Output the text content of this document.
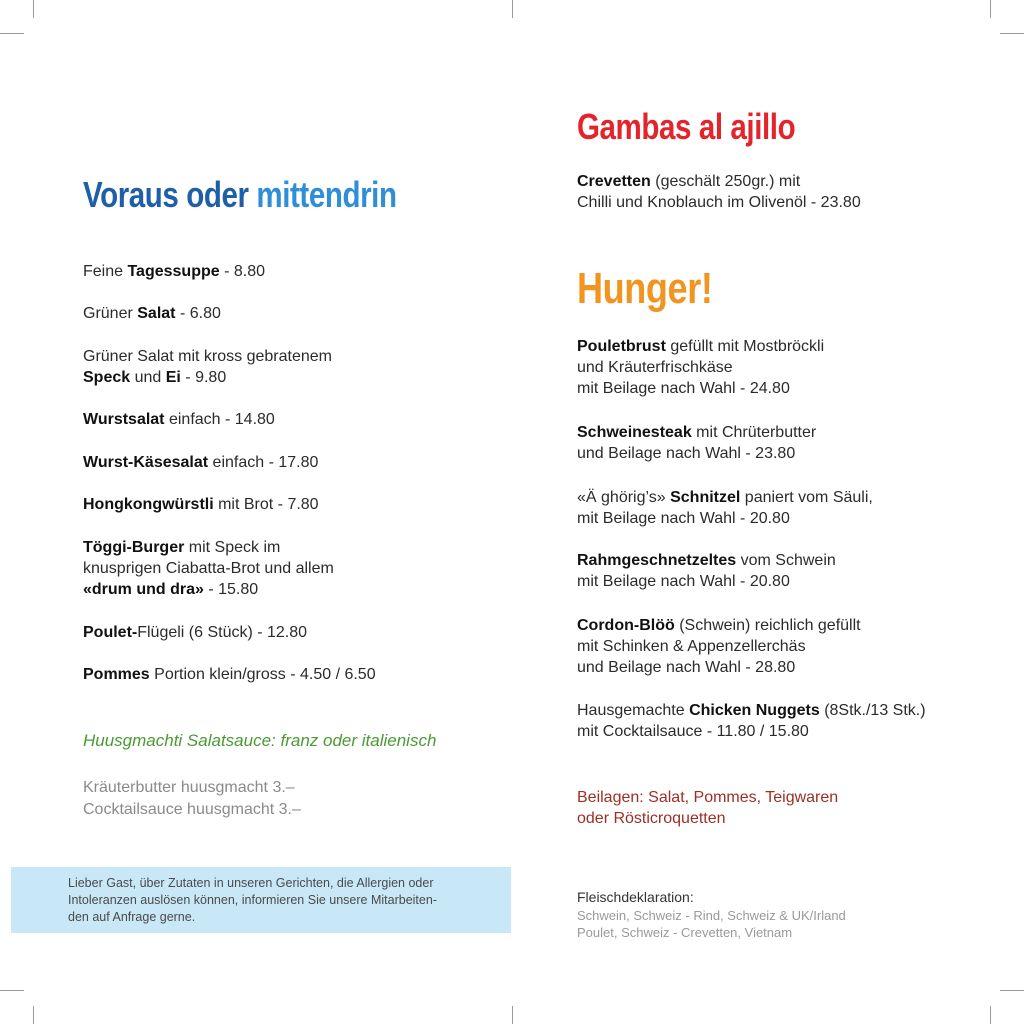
Voraus oder mittendrin

Feine Tagessuppe - 8.80

Grüner Salat - 6.80

Grüner Salat mit kross gebratenem
Speck und Ei - 9.80

Wurstsalat einfach - 14.80

Wurst-Käsesalat einfach - 17.80

Hongkongwürstli mit Brot - 7.80

Töggi-Burger mit Speck im
knusprigen Ciabatta-Brot und allem
«drum und dra» - 15.80

Poulet-Flügeli (6 Stück) - 12.80

Pommes Portion klein/gross - 4.50 / 6.50

Huusgmachti Salatsauce: franz oder italienisch

Kräuterbutter huusgmacht 3.–

Cocktailsauce huusgmacht 3.–

Lieber Gast, über Zutaten in unseren Gerichten, die Allergien oder
Intoleranzen auslösen können, informieren Sie unsere Mitarbeiten-
den auf Anfrage gerne.

Gambas al ajillo

Crevetten (geschält 250gr.) mit
Chilli und Knoblauch im Olivenöl - 23.80

Hunger!

Pouletbrust gefüllt mit Mostbröckli
und Kräuterfrischkäse
mit Beilage nach Wahl - 24.80

Schweinesteak mit Chrüterbutter
und Beilage nach Wahl - 23.80

«Ä ghörig’s» Schnitzel paniert vom Säuli,
mit Beilage nach Wahl - 20.80

Rahmgeschnetzeltes vom Schwein
mit Beilage nach Wahl - 20.80

Cordon-Blöö (Schwein) reichlich gefüllt
mit Schinken & Appenzellerchäs
und Beilage nach Wahl - 28.80

Hausgemachte Chicken Nuggets (8Stk./13 Stk.)
mit Cocktailsauce - 11.80 / 15.80

Beilagen: Salat, Pommes, Teigwaren
oder Rösticroquetten

Fleischdeklaration:

Schwein, Schweiz - Rind, Schweiz & UK/Irland

Poulet, Schweiz - Crevetten, Vietnam
